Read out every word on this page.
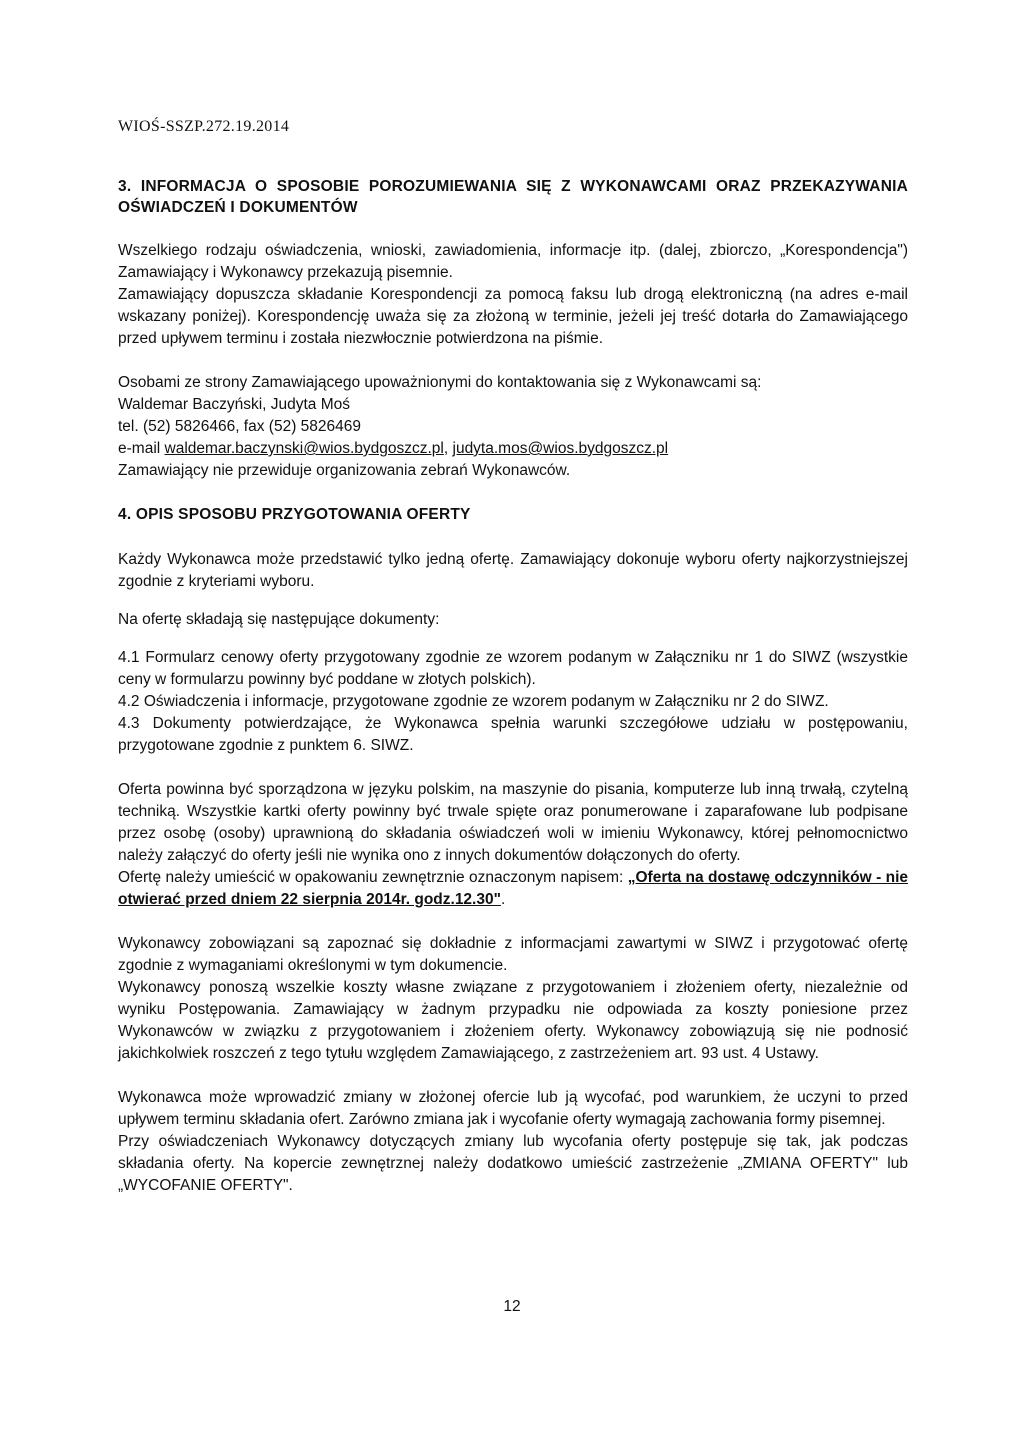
WIOŚ-SSZP.272.19.2014
3. INFORMACJA O SPOSOBIE POROZUMIEWANIA SIĘ Z WYKONAWCAMI ORAZ PRZEKAZYWANIA OŚWIADCZEŃ I DOKUMENTÓW

Wszelkiego rodzaju oświadczenia, wnioski, zawiadomienia, informacje itp. (dalej, zbiorczo, „Korespondencja") Zamawiający i Wykonawcy przekazują pisemnie.

Zamawiający dopuszcza składanie Korespondencji za pomocą faksu lub drogą elektroniczną (na adres e-mail wskazany poniżej). Korespondencję uważa się za złożoną w terminie, jeżeli jej treść dotarła do Zamawiającego przed upływem terminu i została niezwłocznie potwierdzona na piśmie.

Osobami ze strony Zamawiającego upoważnionymi do kontaktowania się z Wykonawcami są:

Waldemar Baczyński, Judyta Moś

tel. (52) 5826466, fax (52) 5826469

e-mail waldemar.baczynski@wios.bydgoszcz.pl, judyta.mos@wios.bydgoszcz.pl

Zamawiający nie przewiduje organizowania zebrań Wykonawców.

4. OPIS SPOSOBU PRZYGOTOWANIA OFERTY

Każdy Wykonawca może przedstawić tylko jedną ofertę. Zamawiający dokonuje wyboru oferty najkorzystniejszej zgodnie z kryteriami wyboru.

Na ofertę składają się następujące dokumenty:

4.1 Formularz cenowy oferty przygotowany zgodnie ze wzorem podanym w Załączniku nr 1 do SIWZ (wszystkie ceny w formularzu powinny być poddane w złotych polskich).

4.2 Oświadczenia i informacje, przygotowane zgodnie ze wzorem podanym w Załączniku nr 2 do SIWZ.

4.3 Dokumenty potwierdzające, że Wykonawca spełnia warunki szczegółowe udziału w postępowaniu, przygotowane zgodnie z punktem 6. SIWZ.

Oferta powinna być sporządzona w języku polskim, na maszynie do pisania, komputerze lub inną trwałą, czytelną techniką. Wszystkie kartki oferty powinny być trwale spięte oraz ponumerowane i zaparafowane lub podpisane przez osobę (osoby) uprawnioną do składania oświadczeń woli w imieniu Wykonawcy, której pełnomocnictwo należy załączyć do oferty jeśli nie wynika ono z innych dokumentów dołączonych do oferty.

Ofertę należy umieścić w opakowaniu zewnętrznie oznaczonym napisem: „Oferta na dostawę odczynników - nie otwierać przed dniem 22 sierpnia 2014r. godz.12.30".

Wykonawcy zobowiązani są zapoznać się dokładnie z informacjami zawartymi w SIWZ i przygotować ofertę zgodnie z wymaganiami określonymi w tym dokumencie.

Wykonawcy ponoszą wszelkie koszty własne związane z przygotowaniem i złożeniem oferty, niezależnie od wyniku Postępowania. Zamawiający w żadnym przypadku nie odpowiada za koszty poniesione przez Wykonawców w związku z przygotowaniem i złożeniem oferty. Wykonawcy zobowiązują się nie podnosić jakichkolwiek roszczeń z tego tytułu względem Zamawiającego, z zastrzeżeniem art. 93 ust. 4 Ustawy.

Wykonawca może wprowadzić zmiany w złożonej ofercie lub ją wycofać, pod warunkiem, że uczyni to przed upływem terminu składania ofert. Zarówno zmiana jak i wycofanie oferty wymagają zachowania formy pisemnej.

Przy oświadczeniach Wykonawcy dotyczących zmiany lub wycofania oferty postępuje się tak, jak podczas składania oferty. Na kopercie zewnętrznej należy dodatkowo umieścić zastrzeżenie „ZMIANA OFERTY" lub „WYCOFANIE OFERTY".

12
